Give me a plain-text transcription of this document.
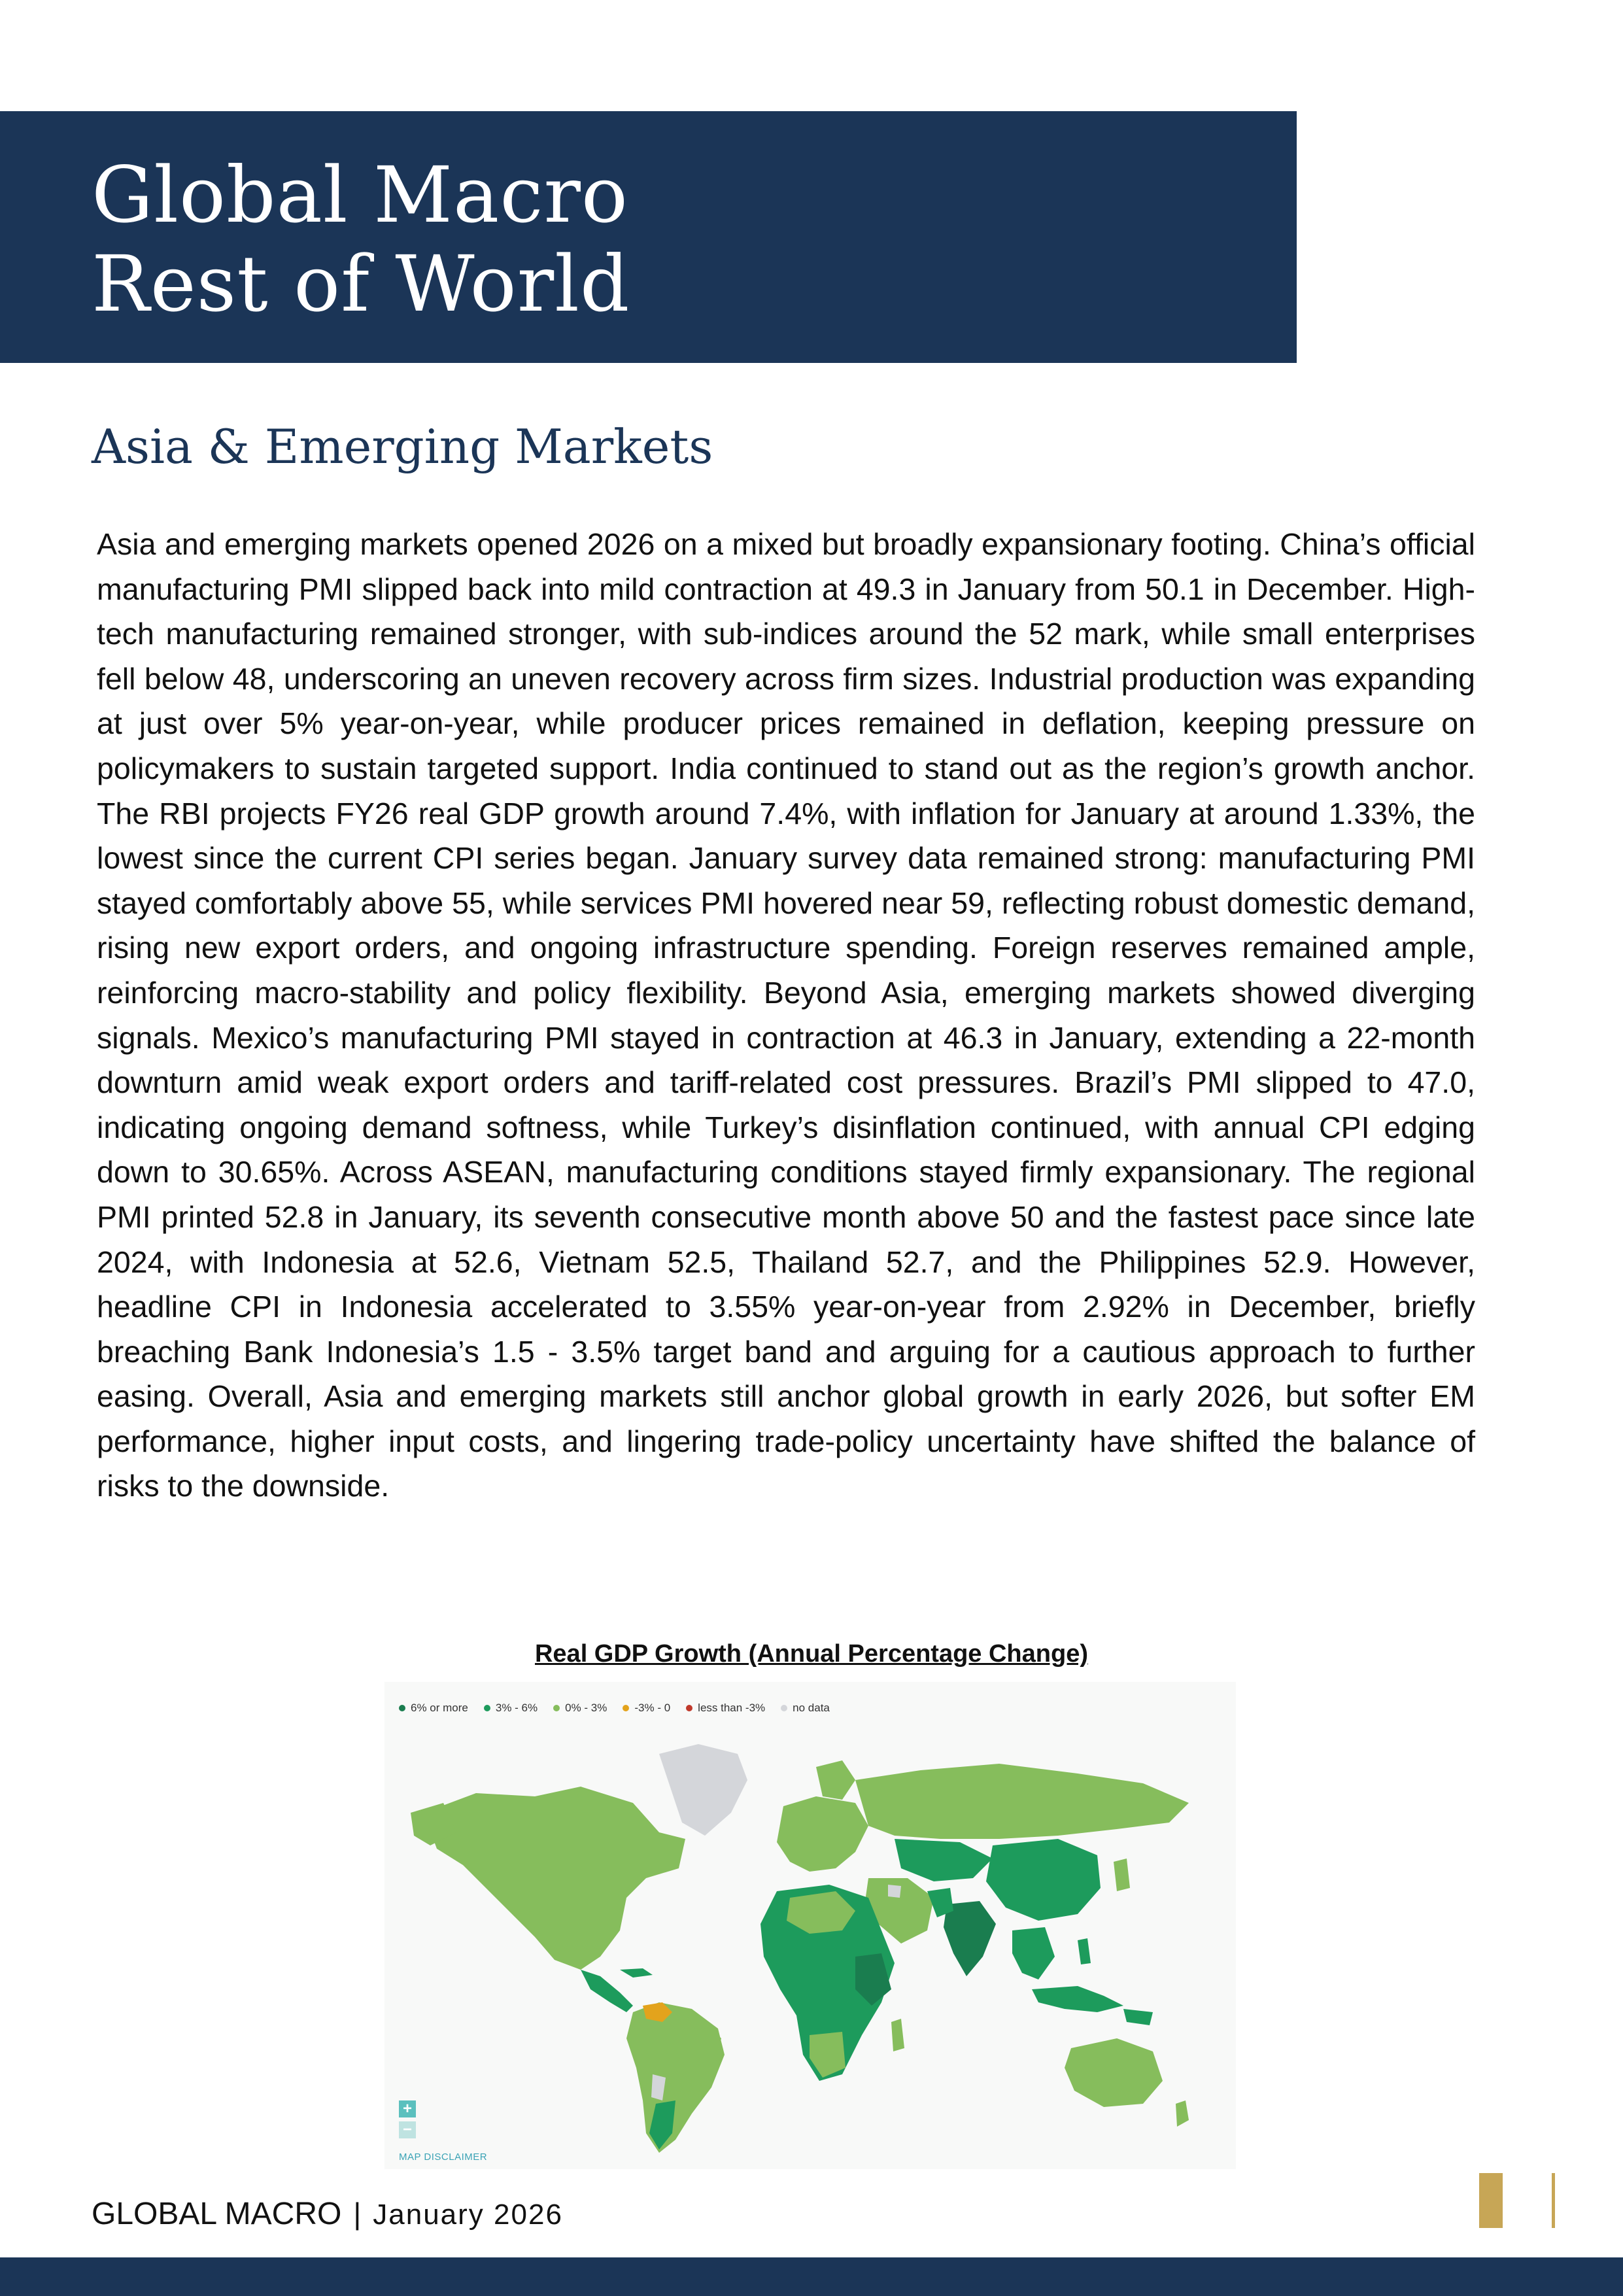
Global Macro
Rest of World
Asia & Emerging Markets

Asia and emerging markets opened 2026 on a mixed but broadly expansionary footing. China’s official manufacturing PMI slipped back into mild contraction at 49.3 in January from 50.1 in December. High-tech manufacturing remained stronger, with sub-indices around the 52 mark, while small enterprises fell below 48, underscoring an uneven recovery across firm sizes. Industrial production was expanding at just over 5% year-on-year, while producer prices remained in deflation, keeping pressure on policymakers to sustain targeted support. India continued to stand out as the region’s growth anchor. The RBI projects FY26 real GDP growth around 7.4%, with inflation for January at around 1.33%, the lowest since the current CPI series began. January survey data remained strong: manufacturing PMI stayed comfortably above 55, while services PMI hovered near 59, reflecting robust domestic demand, rising new export orders, and ongoing infrastructure spending. Foreign reserves remained ample, reinforcing macro-stability and policy flexibility. Beyond Asia, emerging markets showed diverging signals. Mexico’s manufacturing PMI stayed in contraction at 46.3 in January, extending a 22-month downturn amid weak export orders and tariff-related cost pressures. Brazil’s PMI slipped to 47.0, indicating ongoing demand softness, while Turkey’s disinflation continued, with annual CPI edging down to 30.65%. Across ASEAN, manufacturing conditions stayed firmly expansionary. The regional PMI printed 52.8 in January, its seventh consecutive month above 50 and the fastest pace since late 2024, with Indonesia at 52.6, Vietnam 52.5, Thailand 52.7, and the Philippines 52.9. However, headline CPI in Indonesia accelerated to 3.55% year-on-year from 2.92% in December, briefly breaching Bank Indonesia’s 1.5 - 3.5% target band and arguing for a cautious approach to further easing. Overall, Asia and emerging markets still anchor global growth in early 2026, but softer EM performance, higher input costs, and lingering trade-policy uncertainty have shifted the balance of risks to the downside.

Real GDP Growth (Annual Percentage Change)
6% or more 3% - 6% 0% - 3% -3% - 0 less than -3% no data
+
−
MAP DISCLAIMER
GLOBAL MACRO | January 2026
